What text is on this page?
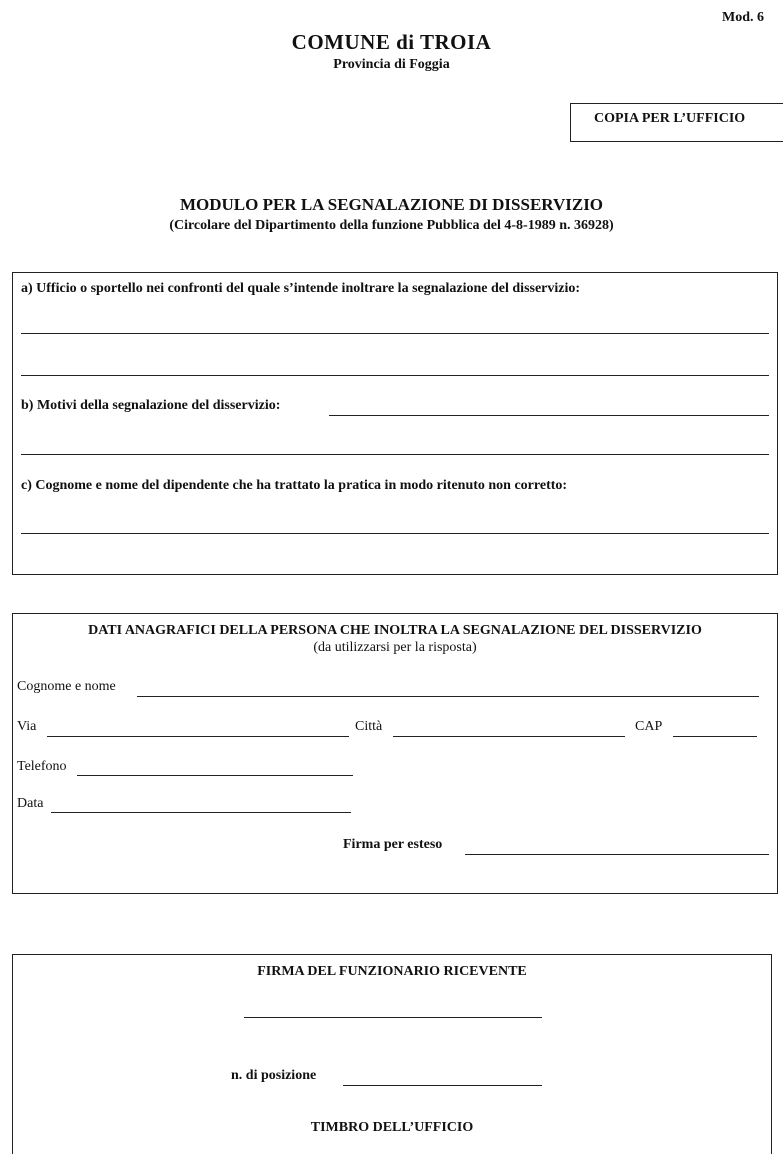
Mod. 6
COMUNE di TROIA
Provincia di Foggia
COPIA PER L’UFFICIO
MODULO PER LA SEGNALAZIONE DI DISSERVIZIO
(Circolare del Dipartimento della funzione Pubblica del 4-8-1989 n. 36928)
a) Ufficio o sportello nei confronti del quale s’intende inoltrare la segnalazione del disservizio:
b) Motivi della segnalazione del disservizio:
c) Cognome e nome del dipendente che ha trattato la pratica in modo ritenuto non corretto:
DATI ANAGRAFICI DELLA PERSONA CHE INOLTRA LA SEGNALAZIONE DEL DISSERVIZIO
(da utilizzarsi per la risposta)
Cognome e nome
Via	Città	CAP
Telefono
Data
Firma per esteso
FIRMA DEL FUNZIONARIO RICEVENTE
n. di posizione
TIMBRO DELL’UFFICIO
